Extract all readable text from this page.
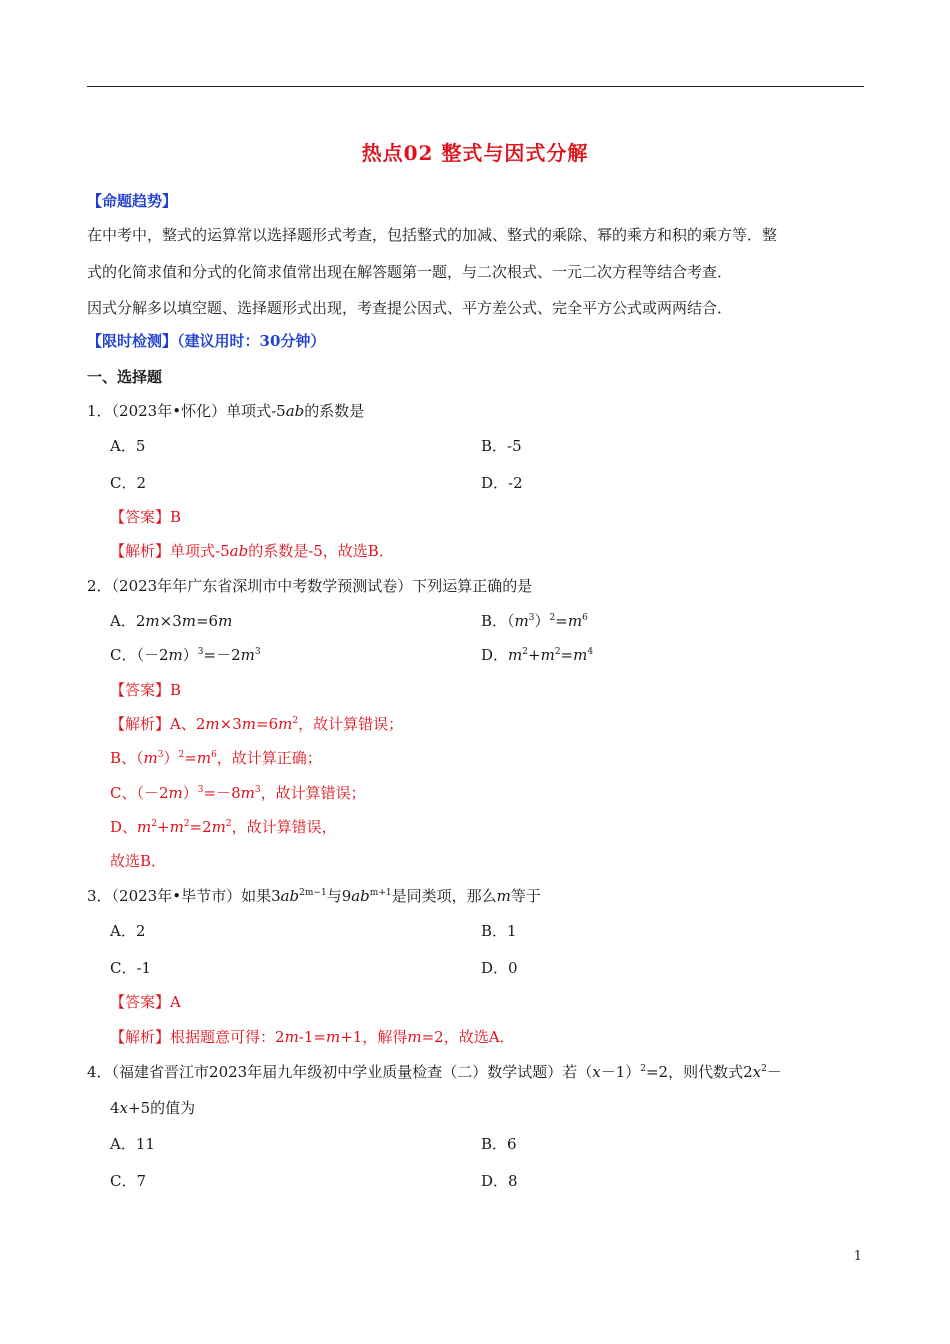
热点02 整式与因式分解
【命题趋势】
在中考中，整式的运算常以选择题形式考查，包括整式的加减、整式的乘除、幂的乘方和积的乘方等．整
式的化简求值和分式的化简求值常出现在解答题第一题，与二次根式、一元二次方程等结合考查．
因式分解多以填空题、选择题形式出现，考查提公因式、平方差公式、完全平方公式或两两结合．
【限时检测】（建议用时：30分钟）
一、选择题
1．（2023年•怀化）单项式-5ab的系数是
A．5	B．-5
C．2	D．-2
【答案】B
【解析】单项式-5ab的系数是-5，故选B．
2．（2023年年广东省深圳市中考数学预测试卷）下列运算正确的是
A．2m×3m=6m	B．$(m^3)^2=m^6$
C．$(-2m)^3=-2m^3$	D．$m^2+m^2=m^4$
【答案】B
【解析】A、$2m\times 3m=6m^2$，故计算错误；
B、$(m^3)^2=m^6$，故计算正确；
C、$(-2m)^3=-8m^3$，故计算错误；
D、$m^2+m^2=2m^2$，故计算错误，
故选B．
3．（2023年•毕节市）如果$3ab^{2m-1}$与$9ab^{m+1}$是同类项，那么m等于
A．2	B．1
C．-1	D．0
【答案】A
【解析】根据题意可得：2m-1=m+1，解得m=2，故选A．
4．（福建省晋江市2023年届九年级初中学业质量检查（二）数学试题）若$(x-1)^2=2$，则代数式$2x^2-$
4x+5的值为
A．11	B．6
C．7	D．8
1
